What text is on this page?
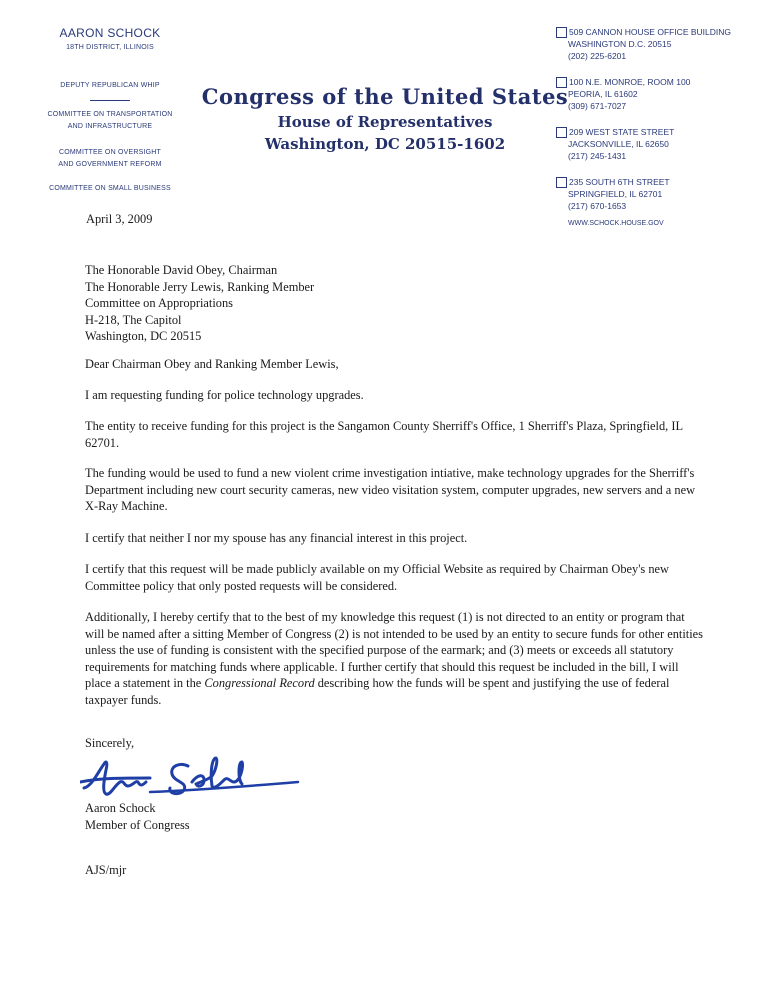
AARON SCHOCK
18TH DISTRICT, ILLINOIS
DEPUTY REPUBLICAN WHIP
COMMITTEE ON TRANSPORTATION
AND INFRASTRUCTURE
COMMITTEE ON OVERSIGHT
AND GOVERNMENT REFORM
COMMITTEE ON SMALL BUSINESS
Congress of the United States
House of Representatives
Washington, DC 20515-1602
509 CANNON HOUSE OFFICE BUILDING
WASHINGTON D.C. 20515
(202) 225-6201
100 N.E. MONROE, ROOM 100
PEORIA, IL 61602
(309) 671-7027
209 WEST STATE STREET
JACKSONVILLE, IL 62650
(217) 245-1431
235 SOUTH 6TH STREET
SPRINGFIELD, IL 62701
(217) 670-1653
WWW.SCHOCK.HOUSE.GOV
April 3, 2009
The Honorable David Obey, Chairman
The Honorable Jerry Lewis, Ranking Member
Committee on Appropriations
H-218, The Capitol
Washington, DC 20515
Dear Chairman Obey and Ranking Member Lewis,
I am requesting funding for police technology upgrades.
The entity to receive funding for this project is the Sangamon County Sherriff's Office, 1 Sherriff's Plaza, Springfield, IL 62701.
The funding would be used to fund a new violent crime investigation intiative, make technology upgrades for the Sherriff's Department including new court security cameras, new video visitation system, computer upgrades, new servers and a new X-Ray Machine.
I certify that neither I nor my spouse has any financial interest in this project.
I certify that this request will be made publicly available on my Official Website as required by Chairman Obey's new Committee policy that only posted requests will be considered.
Additionally, I hereby certify that to the best of my knowledge this request (1) is not directed to an entity or program that will be named after a sitting Member of Congress (2) is not intended to be used by an entity to secure funds for other entities unless the use of funding is consistent with the specified purpose of the earmark; and (3) meets or exceeds all statutory requirements for matching funds where applicable. I further certify that should this request be included in the bill, I will place a statement in the Congressional Record describing how the funds will be spent and justifying the use of federal taxpayer funds.
Sincerely,
Aaron Schock
Member of Congress
AJS/mjr
